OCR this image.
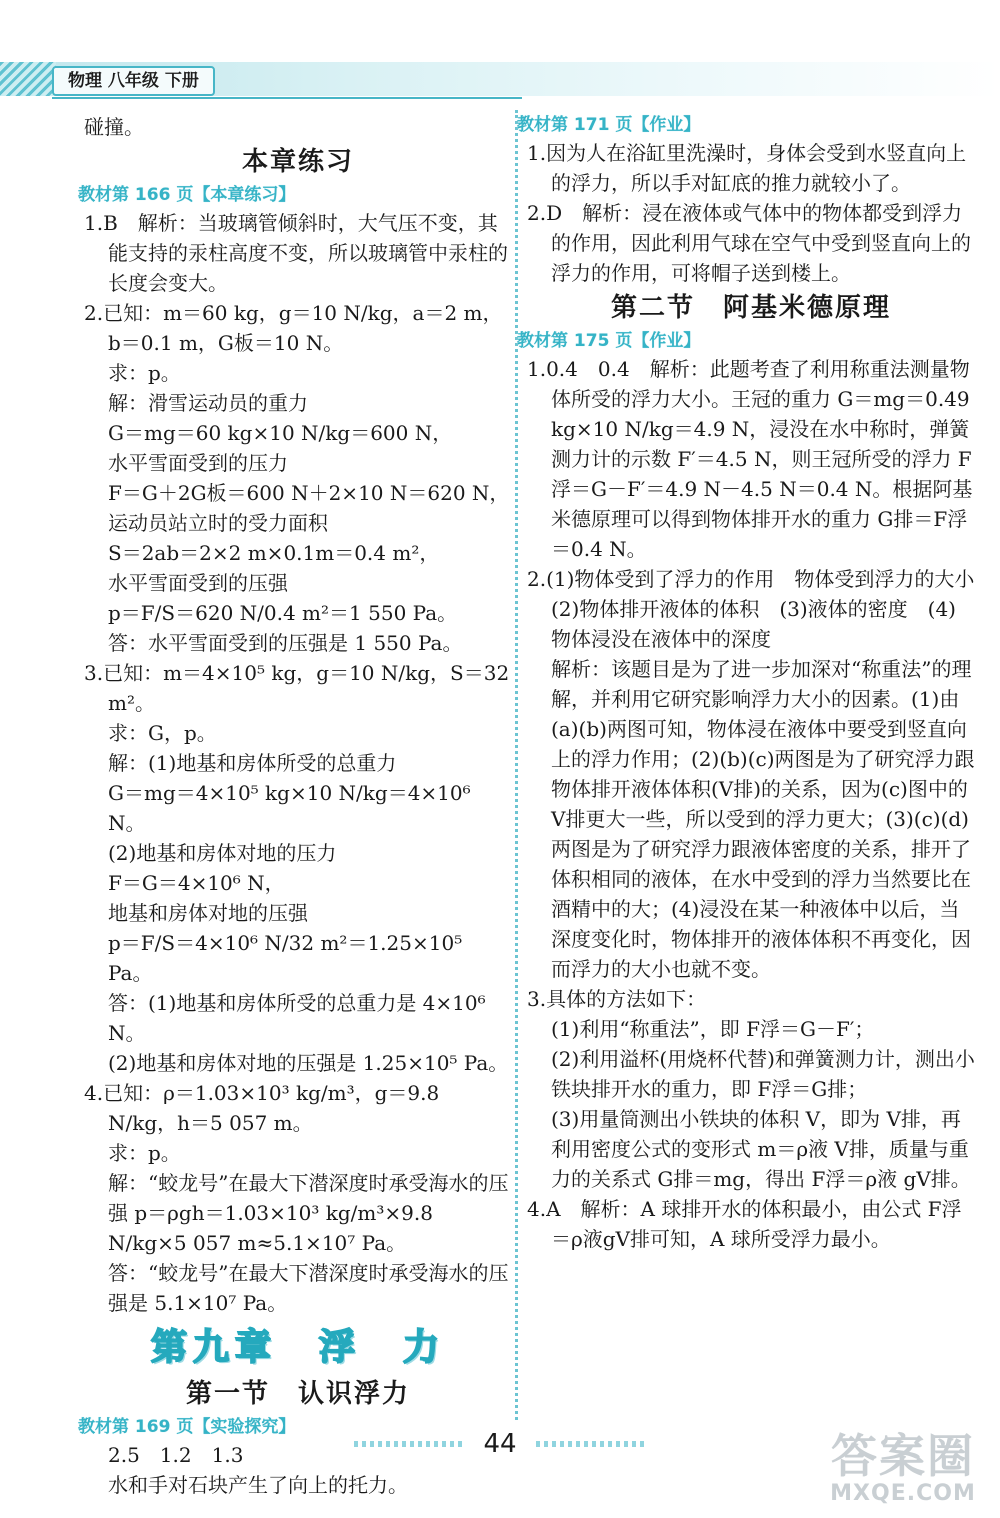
物理 八年级 下册

碰撞。

本章练习
教材第 166 页【本章练习】

1.B　解析：当玻璃管倾斜时，大气压不变，其能支持的汞柱高度不变，所以玻璃管中汞柱的长度会变大。

2.已知：m＝60 kg，g＝10 N/kg，a＝2 m，b＝0.1 m，G板＝10 N。

求：p。

解：滑雪运动员的重力

G＝mg＝60 kg×10 N/kg＝600 N，

水平雪面受到的压力

F＝G＋2G板＝600 N＋2×10 N＝620 N，

运动员站立时的受力面积

S＝2ab＝2×2 m×0.1m＝0.4 m²，

水平雪面受到的压强

p＝F/S＝620 N/0.4 m²＝1 550 Pa。

答：水平雪面受到的压强是 1 550 Pa。

3.已知：m＝4×10⁵ kg，g＝10 N/kg，S＝32 m²。

求：G，p。

解：(1)地基和房体所受的总重力

G＝mg＝4×10⁵ kg×10 N/kg＝4×10⁶ N。

(2)地基和房体对地的压力

F＝G＝4×10⁶ N，

地基和房体对地的压强

p＝F/S＝4×10⁶ N/32 m²＝1.25×10⁵ Pa。

答：(1)地基和房体所受的总重力是 4×10⁶ N。

(2)地基和房体对地的压强是 1.25×10⁵ Pa。

4.已知：ρ＝1.03×10³ kg/m³，g＝9.8 N/kg，h＝5 057 m。

求：p。

解：“蛟龙号”在最大下潜深度时承受海水的压强 p＝ρgh＝1.03×10³ kg/m³×9.8 N/kg×5 057 m≈5.1×10⁷ Pa。

答：“蛟龙号”在最大下潜深度时承受海水的压强是 5.1×10⁷ Pa。

第九章　浮　力
第一节　认识浮力
教材第 169 页【实验探究】

2.5　1.2　1.3

水和手对石块产生了向上的托力。

教材第 171 页【作业】

1.因为人在浴缸里洗澡时，身体会受到水竖直向上的浮力，所以手对缸底的推力就较小了。

2.D　解析：浸在液体或气体中的物体都受到浮力的作用，因此利用气球在空气中受到竖直向上的浮力的作用，可将帽子送到楼上。

第二节　阿基米德原理
教材第 175 页【作业】

1.0.4　0.4　解析：此题考查了利用称重法测量物体所受的浮力大小。王冠的重力 G＝mg＝0.49 kg×10 N/kg＝4.9 N，浸没在水中称时，弹簧测力计的示数 F′＝4.5 N，则王冠所受的浮力 F浮＝G－F′＝4.9 N－4.5 N＝0.4 N。根据阿基米德原理可以得到物体排开水的重力 G排＝F浮＝0.4 N。

2.(1)物体受到了浮力的作用　物体受到浮力的大小　(2)物体排开液体的体积　(3)液体的密度　(4)物体浸没在液体中的深度

解析：该题目是为了进一步加深对“称重法”的理解，并利用它研究影响浮力大小的因素。(1)由(a)(b)两图可知，物体浸在液体中要受到竖直向上的浮力作用；(2)(b)(c)两图是为了研究浮力跟物体排开液体体积(V排)的关系，因为(c)图中的V排更大一些，所以受到的浮力更大；(3)(c)(d)两图是为了研究浮力跟液体密度的关系，排开了体积相同的液体，在水中受到的浮力当然要比在酒精中的大；(4)浸没在某一种液体中以后，当深度变化时，物体排开的液体体积不再变化，因而浮力的大小也就不变。

3.具体的方法如下：

(1)利用“称重法”，即 F浮＝G－F′；

(2)利用溢杯(用烧杯代替)和弹簧测力计，测出小铁块排开水的重力，即 F浮＝G排；

(3)用量筒测出小铁块的体积 V，即为 V排，再利用密度公式的变形式 m＝ρ液 V排，质量与重力的关系式 G排＝mg，得出 F浮＝ρ液 gV排。

4.A　解析：A 球排开水的体积最小，由公式 F浮＝ρ液gV排可知，A 球所受浮力最小。

44	答案圈
MXQE.COM
